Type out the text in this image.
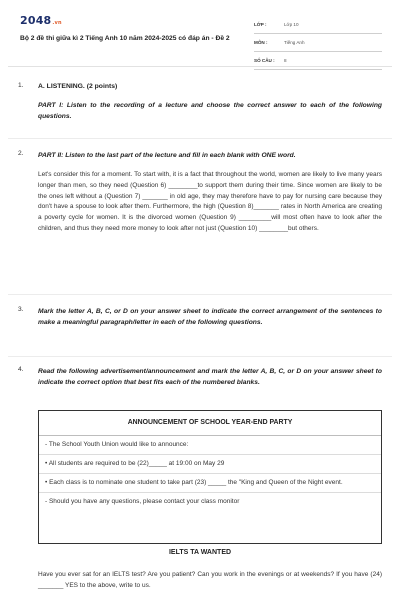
2048.vn
Bộ 2 đề thi giữa kì 2 Tiếng Anh 10 năm 2024-2025 có đáp án - Đề 2
LỚP :	Lớp 10
MÔN :	Tiếng Anh
SỐ CÂU :	8
1. A. LISTENING. (2 points)
PART I: Listen to the recording of a lecture and choose the correct answer to each of the following questions.
2. PART II: Listen to the last part of the lecture and fill in each blank with ONE word.
Let's consider this for a moment. To start with, it is a fact that throughout the world, women are likely to live many years longer than men, so they need (Question 6) ________to support them during their time. Since women are likely to be the ones left without a (Question 7) _______ in old age, they may therefore have to pay for nursing care because they don't have a spouse to look after them. Furthermore, the high (Question 8)_______ rates in North America are creating a poverty cycle for women. It is the divorced women (Question 9) _________will most often have to look after the children, and thus they need more money to look after not just (Question 10) ________but others.
3. Mark the letter A, B, C, or D on your answer sheet to indicate the correct arrangement of the sentences to make a meaningful paragraph/letter in each of the following questions.
4. Read the following advertisement/announcement and mark the letter A, B, C, or D on your answer sheet to indicate the correct option that best fits each of the numbered blanks.
ANNOUNCEMENT OF SCHOOL YEAR-END PARTY
- The School Youth Union would like to announce:
• All students are required to be (22)_____ at 19:00 on May 29
• Each class is to nominate one student to take part (23) _____ the "King and Queen of the Night event.
- Should you have any questions, please contact your class monitor
IELTS TA WANTED
Have you ever sat for an IELTS test? Are you patient? Can you work in the evenings or at weekends? If you have (24) _______ YES to the above, write to us.
